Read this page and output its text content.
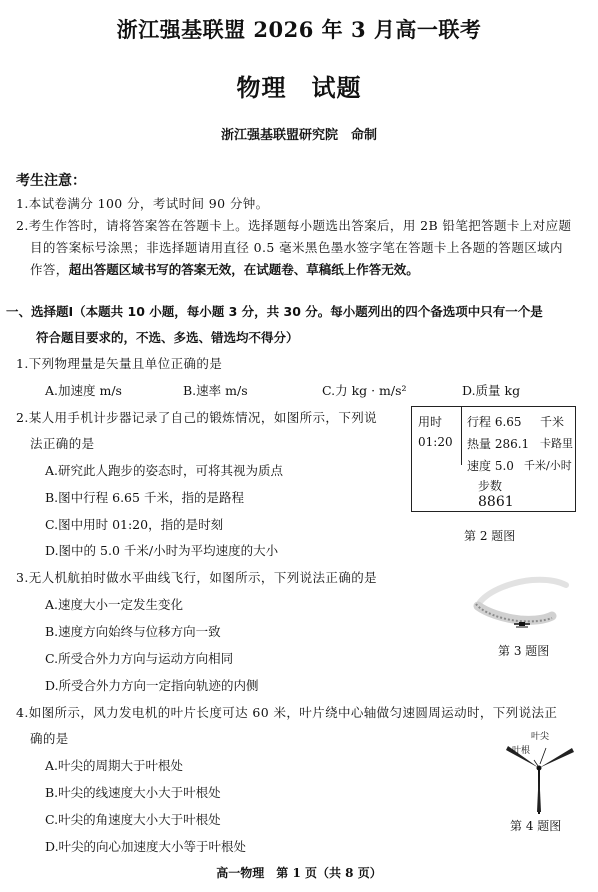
浙江强基联盟 2026 年 3 月高一联考
物理　试题
浙江强基联盟研究院　命制
考生注意：
1.本试卷满分 100 分，考试时间 90 分钟。
2.考生作答时，请将答案答在答题卡上。选择题每小题选出答案后，用 2B 铅笔把答题卡上对应题
目的答案标号涂黑；非选择题请用直径 0.5 毫米黑色墨水签字笔在答题卡上各题的答题区域内
作答，超出答题区域书写的答案无效，在试题卷、草稿纸上作答无效。
一、选择题Ⅰ（本题共 10 小题，每小题 3 分，共 30 分。每小题列出的四个备选项中只有一个是
符合题目要求的，不选、多选、错选均不得分）
1.下列物理量是矢量且单位正确的是
A.加速度 m/s	B.速率 m/s	C.力 kg · m/s²	D.质量 kg
2.某人用手机计步器记录了自己的锻炼情况，如图所示，下列说
法正确的是
A.研究此人跑步的姿态时，可将其视为质点
B.图中行程 6.65 千米，指的是路程
C.图中用时 01:20，指的是时刻
D.图中的 5.0 千米/小时为平均速度的大小
用时
01:20
行程 6.65 千米
热量 286.1 卡路里
速度 5.0 千米/小时
步数
8861
第 2 题图
3.无人机航拍时做水平曲线飞行，如图所示，下列说法正确的是
A.速度大小一定发生变化
B.速度方向始终与位移方向一致
C.所受合外力方向与运动方向相同
D.所受合外力方向一定指向轨迹的内侧
第 3 题图
4.如图所示，风力发电机的叶片长度可达 60 米，叶片绕中心轴做匀速圆周运动时，下列说法正
确的是
A.叶尖的周期大于叶根处
B.叶尖的线速度大小大于叶根处
C.叶尖的角速度大小大于叶根处
D.叶尖的向心加速度大小等于叶根处
叶尖
叶根
第 4 题图
高一物理　第 1 页（共 8 页）
